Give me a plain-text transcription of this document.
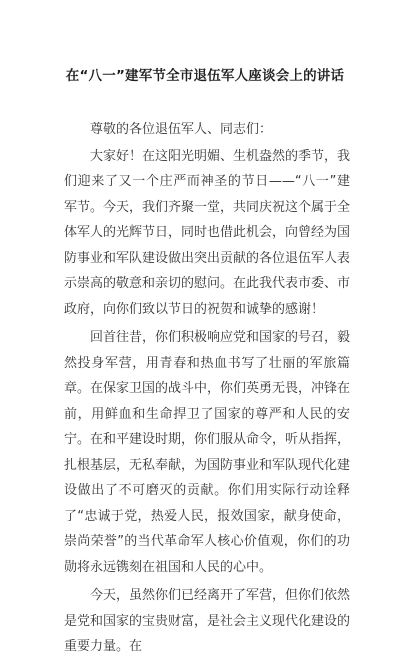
在“八一”建军节全市退伍军人座谈会上的讲话

尊敬的各位退伍军人、同志们：

大家好！在这阳光明媚、生机盎然的季节，我们迎来了又一个庄严而神圣的节日——“八一”建军节。今天，我们齐聚一堂，共同庆祝这个属于全体军人的光辉节日，同时也借此机会，向曾经为国防事业和军队建设做出突出贡献的各位退伍军人表示崇高的敬意和亲切的慰问。在此我代表市委、市政府，向你们致以节日的祝贺和诚挚的感谢！

回首往昔，你们积极响应党和国家的号召，毅然投身军营，用青春和热血书写了壮丽的军旅篇章。在保家卫国的战斗中，你们英勇无畏，冲锋在前，用鲜血和生命捍卫了国家的尊严和人民的安宁。在和平建设时期，你们服从命令，听从指挥，扎根基层，无私奉献，为国防事业和军队现代化建设做出了不可磨灭的贡献。你们用实际行动诠释了“忠诚于党，热爱人民，报效国家，献身使命，崇尚荣誉”的当代革命军人核心价值观，你们的功勋将永远镌刻在祖国和人民的心中。

今天，虽然你们已经离开了军营，但你们依然是党和国家的宝贵财富，是社会主义现代化建设的重要力量。在
